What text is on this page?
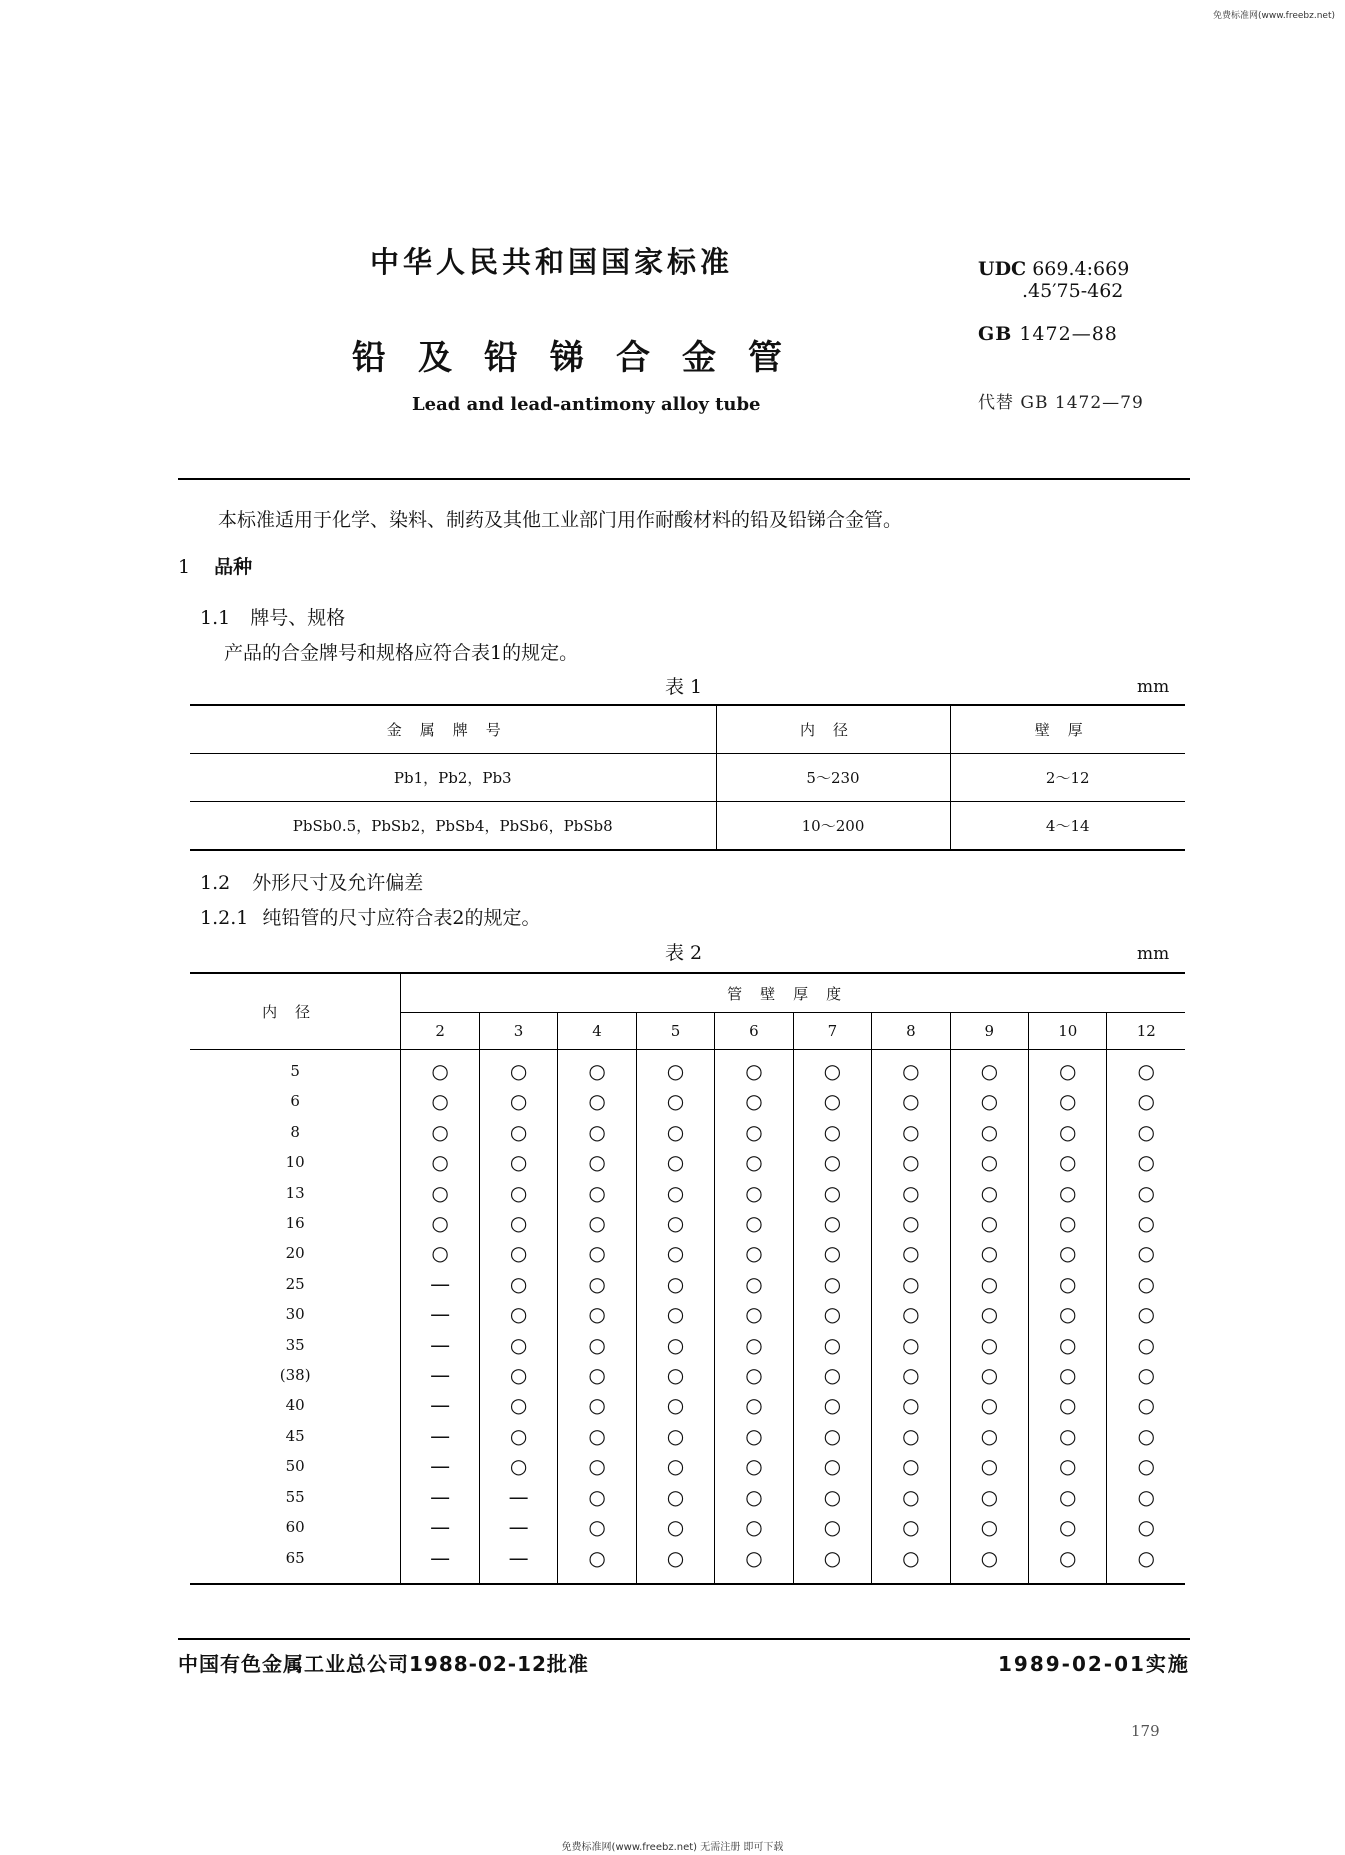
免费标准网(www.freebz.net)
中华人民共和国国家标准
铅及铅锑合金管
Lead and lead-antimony alloy tube
UDC 669.4:669
.45′75-462
GB 1472—88
代替 GB 1472—79
本标准适用于化学、染料、制药及其他工业部门用作耐酸材料的铅及铅锑合金管。
1 品种
1.1 牌号、规格
产品的合金牌号和规格应符合表1的规定。
表 1	mm
金属牌号	内径	壁厚
Pb1，Pb2，Pb3	5～230	2～12
PbSb0.5，PbSb2，PbSb4，PbSb6，PbSb8	10～200	4～14
1.2 外形尺寸及允许偏差
1.2.1 纯铅管的尺寸应符合表2的规定。
表 2	mm
内径	管壁厚度									
	2	3	4	5	6	7	8	9	10	12
5	○	○	○	○	○	○	○	○	○	○
6	○	○	○	○	○	○	○	○	○	○
8	○	○	○	○	○	○	○	○	○	○
10	○	○	○	○	○	○	○	○	○	○
13	○	○	○	○	○	○	○	○	○	○
16	○	○	○	○	○	○	○	○	○	○
20	○	○	○	○	○	○	○	○	○	○
25	—	○	○	○	○	○	○	○	○	○
30	—	○	○	○	○	○	○	○	○	○
35	—	○	○	○	○	○	○	○	○	○
(38)	—	○	○	○	○	○	○	○	○	○
40	—	○	○	○	○	○	○	○	○	○
45	—	○	○	○	○	○	○	○	○	○
50	—	○	○	○	○	○	○	○	○	○
55	—	—	○	○	○	○	○	○	○	○
60	—	—	○	○	○	○	○	○	○	○
65	—	—	○	○	○	○	○	○	○	○
中国有色金属工业总公司1988-02-12批准	1989-02-01实施
179
免费标准网(www.freebz.net) 无需注册 即可下载
